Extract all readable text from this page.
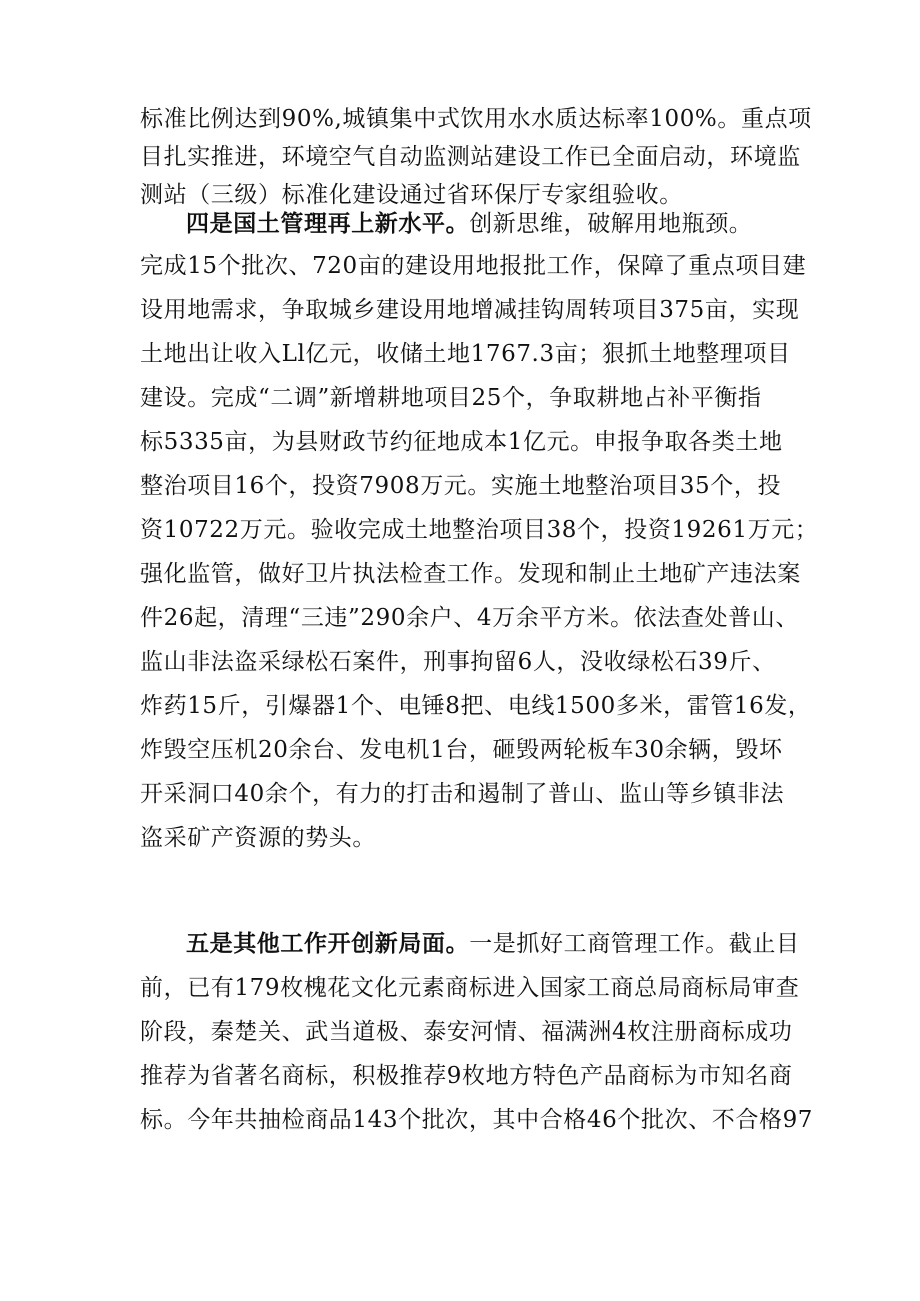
标准比例达到90%,城镇集中式饮用水水质达标率100%。重点项
目扎实推进，环境空气自动监测站建设工作已全面启动，环境监
测站（三级）标准化建设通过省环保厅专家组验收。
四是国土管理再上新水平。创新思维，破解用地瓶颈。
完成15个批次、720亩的建设用地报批工作，保障了重点项目建
设用地需求，争取城乡建设用地增减挂钩周转项目375亩，实现
土地出让收入Ll亿元，收储土地1767.3亩；狠抓土地整理项目
建设。完成“二调”新增耕地项目25个，争取耕地占补平衡指
标5335亩，为县财政节约征地成本1亿元。申报争取各类土地
整治项目16个，投资7908万元。实施土地整治项目35个，投
资10722万元。验收完成土地整治项目38个，投资19261万元；
强化监管，做好卫片执法检查工作。发现和制止土地矿产违法案
件26起，清理“三违”290余户、4万余平方米。依法查处普山、
监山非法盗采绿松石案件，刑事拘留6人，没收绿松石39斤、
炸药15斤，引爆器1个、电锤8把、电线1500多米，雷管16发，
炸毁空压机20余台、发电机1台，砸毁两轮板车30余辆，毁坏
开采洞口40余个，有力的打击和遏制了普山、监山等乡镇非法
盗采矿产资源的势头。
五是其他工作开创新局面。一是抓好工商管理工作。截止目
前，已有179枚槐花文化元素商标进入国家工商总局商标局审查
阶段，秦楚关、武当道极、泰安河情、福满洲4枚注册商标成功
推荐为省著名商标，积极推荐9枚地方特色产品商标为市知名商
标。今年共抽检商品143个批次，其中合格46个批次、不合格97
